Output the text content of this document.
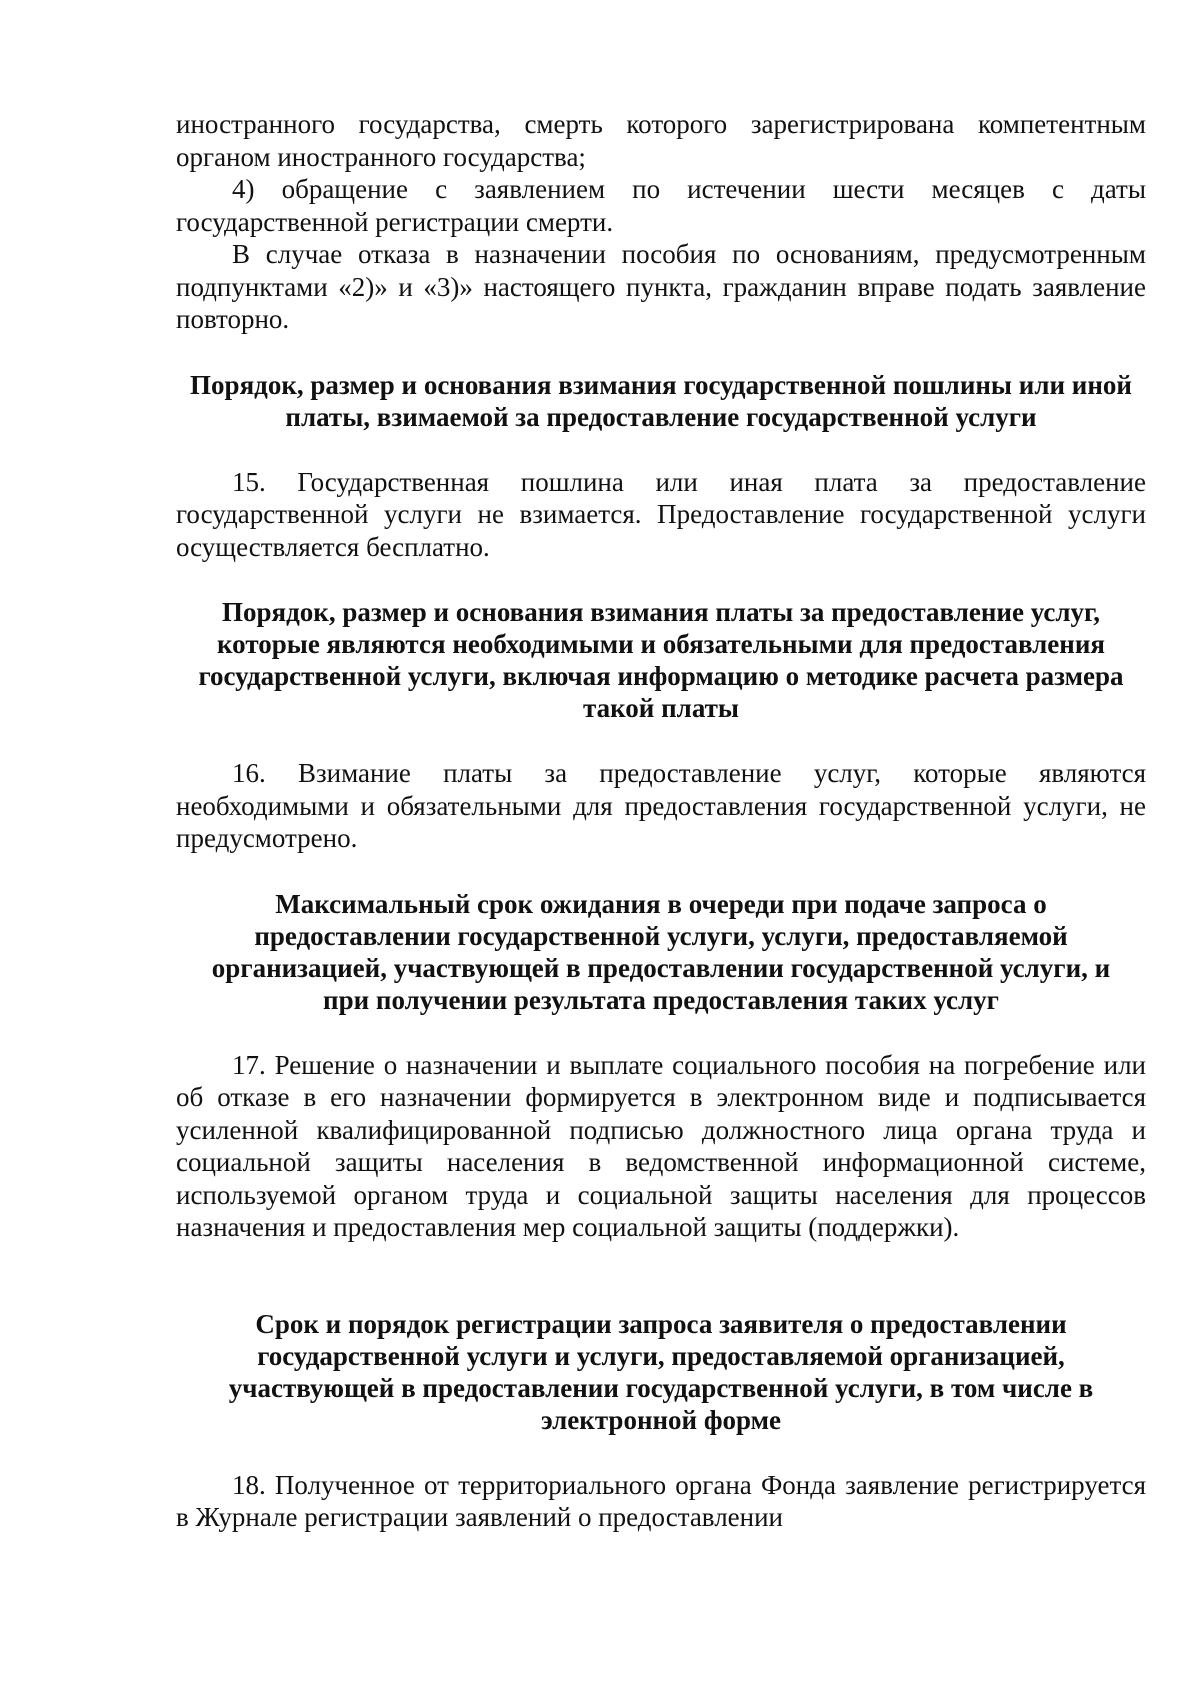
иностранного государства, смерть которого зарегистрирована компетентным органом иностранного государства;

4) обращение с заявлением по истечении шести месяцев с даты государственной регистрации смерти.

В случае отказа в назначении пособия по основаниям, предусмотренным подпунктами «2)» и «3)» настоящего пункта, гражданин вправе подать заявление повторно.

Порядок, размер и основания взимания государственной пошлины или иной платы, взимаемой за предоставление государственной услуги

15. Государственная пошлина или иная плата за предоставление государственной услуги не взимается. Предоставление государственной услуги осуществляется бесплатно.

Порядок, размер и основания взимания платы за предоставление услуг, которые являются необходимыми и обязательными для предоставления государственной услуги, включая информацию о методике расчета размера такой платы

16. Взимание платы за предоставление услуг, которые являются необходимыми и обязательными для предоставления государственной услуги, не предусмотрено.

Максимальный срок ожидания в очереди при подаче запроса о предоставлении государственной услуги, услуги, предоставляемой организацией, участвующей в предоставлении государственной услуги, и при получении результата предоставления таких услуг

17. Решение о назначении и выплате социального пособия на погребение или об отказе в его назначении формируется в электронном виде и подписывается усиленной квалифицированной подписью должностного лица органа труда и социальной защиты населения в ведомственной информационной системе, используемой органом труда и социальной защиты населения для процессов назначения и предоставления мер социальной защиты (поддержки).

Срок и порядок регистрации запроса заявителя о предоставлении государственной услуги и услуги, предоставляемой организацией, участвующей в предоставлении государственной услуги, в том числе в электронной форме

18. Полученное от территориального органа Фонда заявление регистрируется в Журнале регистрации заявлений о предоставлении
